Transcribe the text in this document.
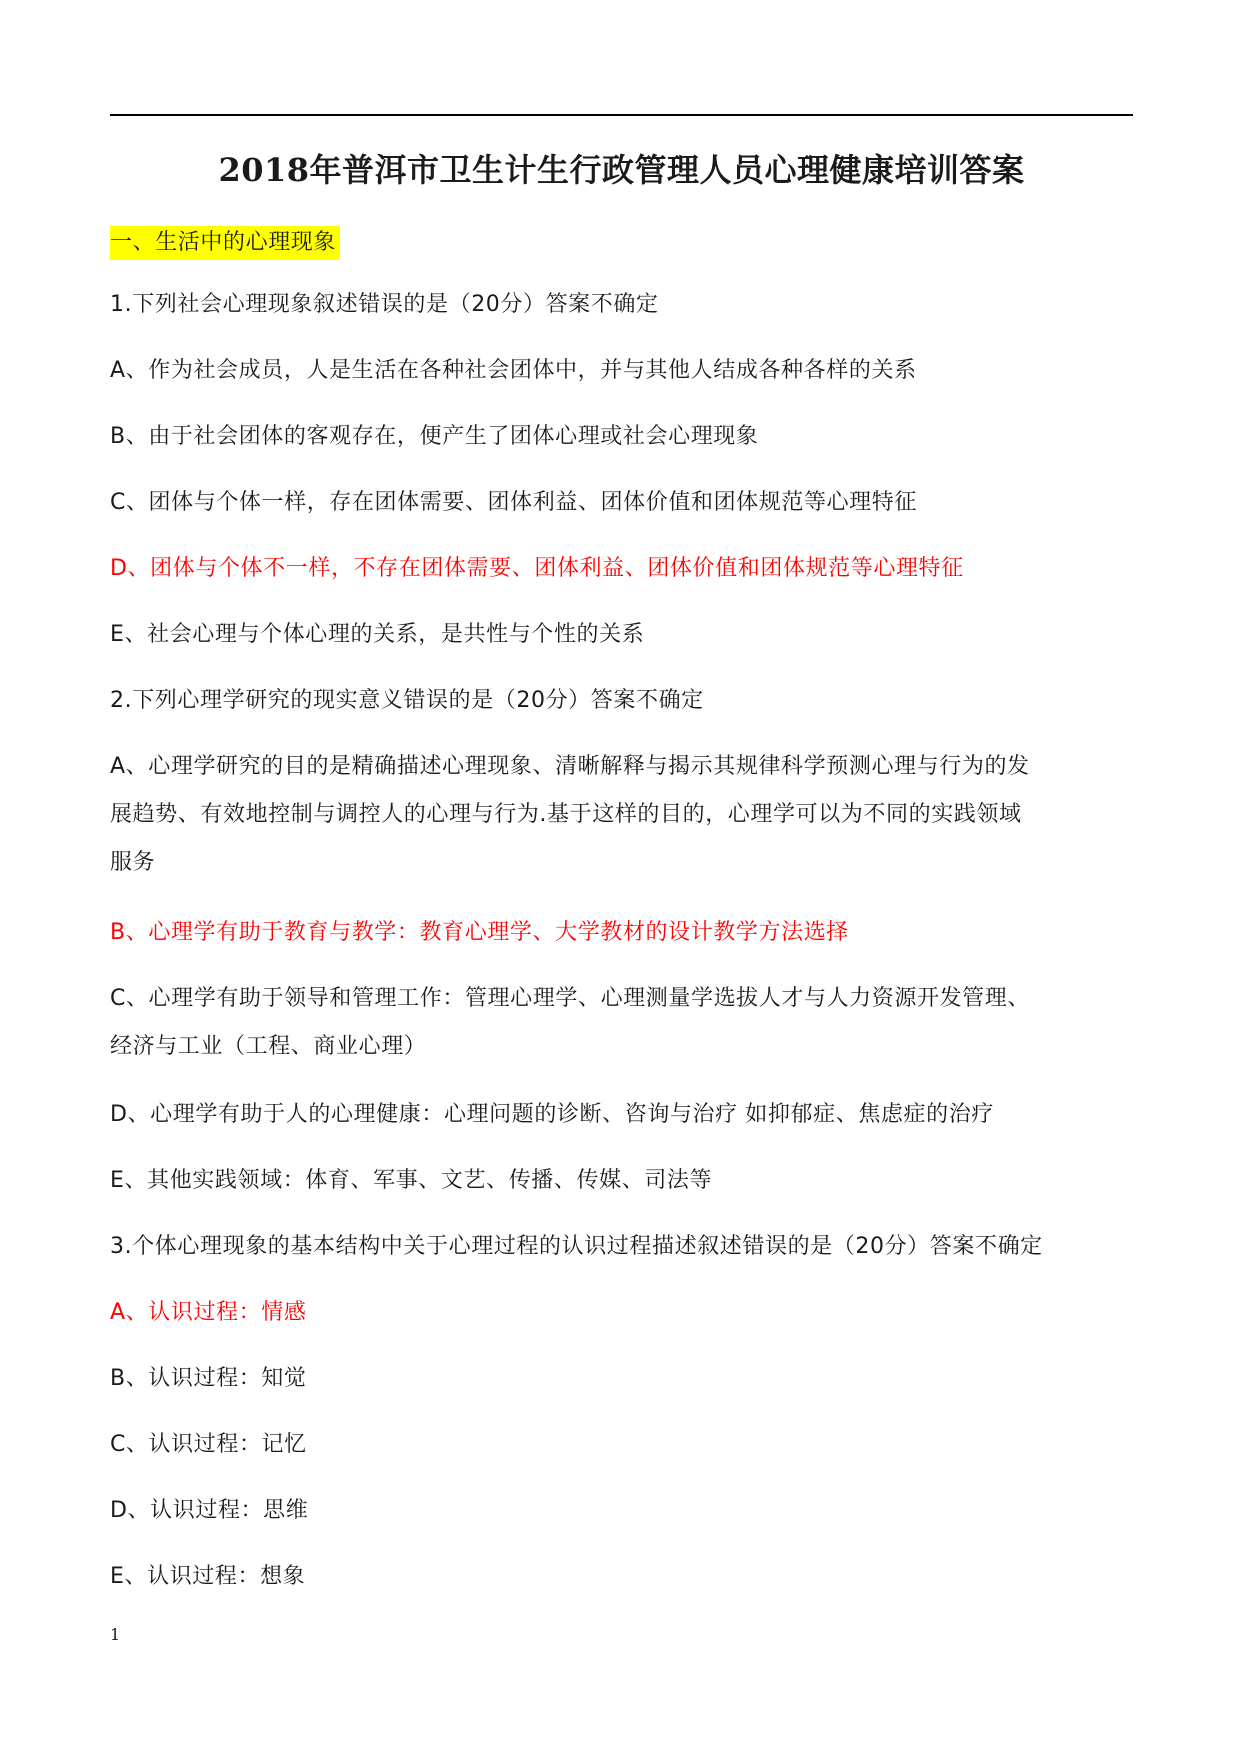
2018年普洱市卫生计生行政管理人员心理健康培训答案
一、生活中的心理现象
1.下列社会心理现象叙述错误的是（20分）答案不确定
A、作为社会成员，人是生活在各种社会团体中，并与其他人结成各种各样的关系
B、由于社会团体的客观存在，便产生了团体心理或社会心理现象
C、团体与个体一样，存在团体需要、团体利益、团体价值和团体规范等心理特征
D、团体与个体不一样，不存在团体需要、团体利益、团体价值和团体规范等心理特征
E、社会心理与个体心理的关系，是共性与个性的关系
2.下列心理学研究的现实意义错误的是（20分）答案不确定
A、心理学研究的目的是精确描述心理现象、清晰解释与揭示其规律科学预测心理与行为的发
展趋势、有效地控制与调控人的心理与行为.基于这样的目的，心理学可以为不同的实践领域
服务
B、心理学有助于教育与教学：教育心理学、大学教材的设计教学方法选择
C、心理学有助于领导和管理工作：管理心理学、心理测量学选拔人才与人力资源开发管理、
经济与工业（工程、商业心理）
D、心理学有助于人的心理健康：心理问题的诊断、咨询与治疗 如抑郁症、焦虑症的治疗
E、其他实践领域：体育、军事、文艺、传播、传媒、司法等
3.个体心理现象的基本结构中关于心理过程的认识过程描述叙述错误的是（20分）答案不确定
A、认识过程：情感
B、认识过程：知觉
C、认识过程：记忆
D、认识过程：思维
E、认识过程：想象
1
